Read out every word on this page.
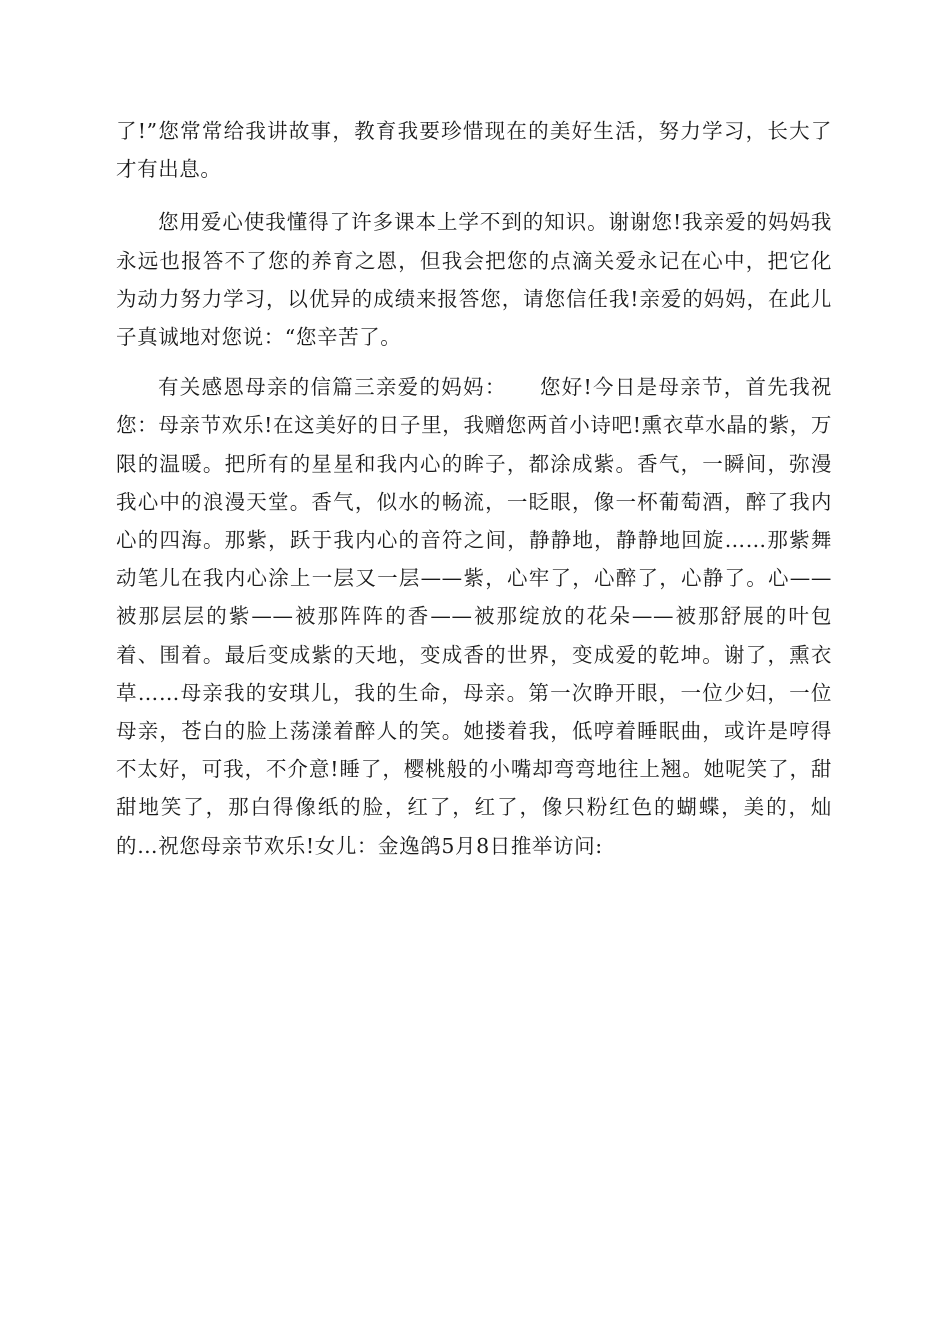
了!”您常常给我讲故事，教育我要珍惜现在的美好生活，努力学习，长大了才有出息。

您用爱心使我懂得了许多课本上学不到的知识。谢谢您!我亲爱的妈妈我永远也报答不了您的养育之恩，但我会把您的点滴关爱永记在心中，把它化为动力努力学习，以优异的成绩来报答您，请您信任我!亲爱的妈妈，在此儿子真诚地对您说：“您辛苦了。

有关感恩母亲的信篇三亲爱的妈妈：　　您好!今日是母亲节，首先我祝您：母亲节欢乐!在这美好的日子里，我赠您两首小诗吧!熏衣草水晶的紫，万限的温暖。把所有的星星和我内心的眸子，都涂成紫。香气，一瞬间，弥漫我心中的浪漫天堂。香气，似水的畅流，一眨眼，像一杯葡萄酒，醉了我内心的四海。那紫，跃于我内心的音符之间，静静地，静静地回旋……那紫舞动笔儿在我内心涂上一层又一层——紫，心牢了，心醉了，心静了。心——被那层层的紫——被那阵阵的香——被那绽放的花朵——被那舒展的叶包着、围着。最后变成紫的天地，变成香的世界，变成爱的乾坤。谢了，熏衣草……母亲我的安琪儿，我的生命，母亲。第一次睁开眼，一位少妇，一位母亲，苍白的脸上荡漾着醉人的笑。她搂着我，低哼着睡眠曲，或许是哼得不太好，可我，不介意!睡了，樱桃般的小嘴却弯弯地往上翘。她呢笑了，甜甜地笑了，那白得像纸的脸，红了，红了，像只粉红色的蝴蝶，美的，灿的…祝您母亲节欢乐!女儿：金逸鸽5月8日推举访问:
